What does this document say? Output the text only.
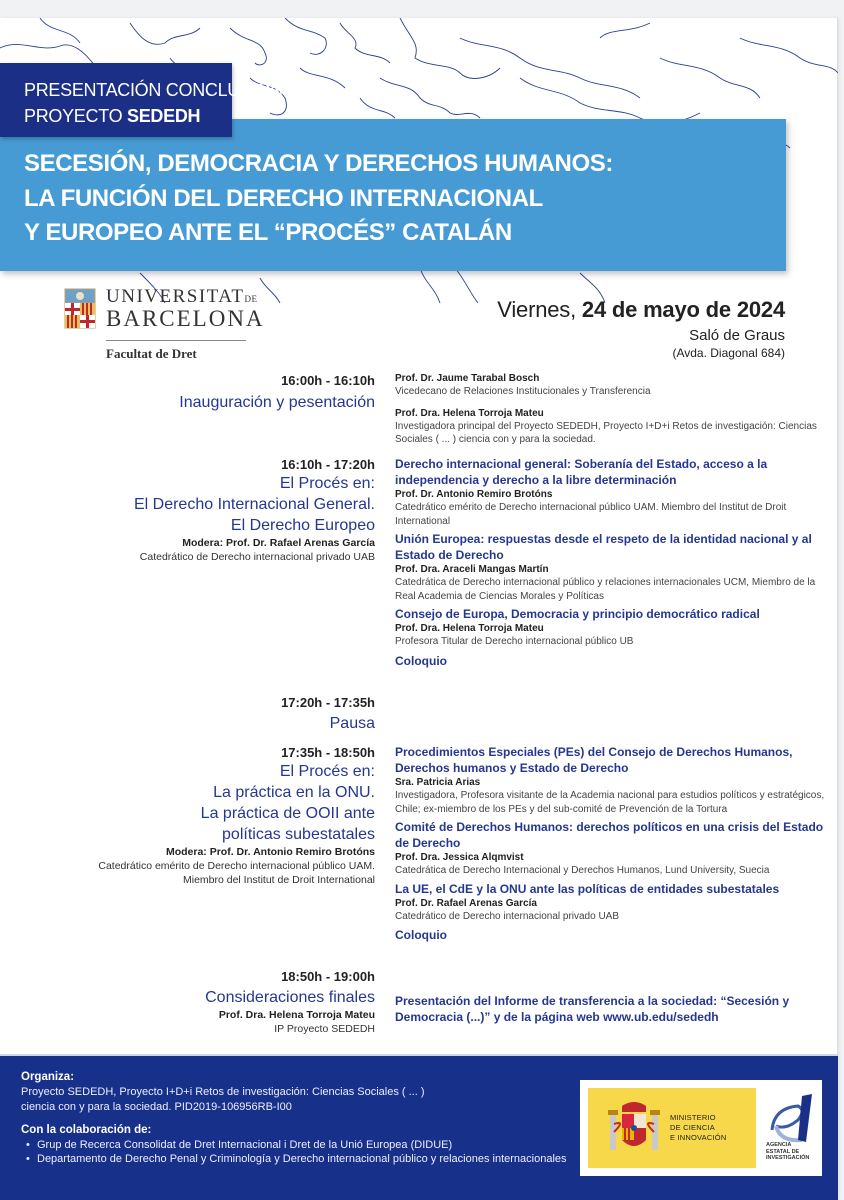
PRESENTACIÓN CONCLUSIONES
PROYECTO SEDEDH
SECESIÓN, DEMOCRACIA Y DERECHOS HUMANOS:
LA FUNCIÓN DEL DERECHO INTERNACIONAL
Y EUROPEO ANTE EL “PROCÉS” CATALÁN
UNIVERSITATDE
BARCELONA
Facultat de Dret
Viernes, 24 de mayo de 2024
Saló de Graus
(Avda. Diagonal 684)
16:00h - 16:10h
Inauguración y pesentación
Prof. Dr. Jaume Tarabal Bosch
Vicedecano de Relaciones Institucionales y Transferencia
Prof. Dra. Helena Torroja Mateu
Investigadora principal del Proyecto SEDEDH, Proyecto I+D+i Retos de investigación: Ciencias Sociales ( ... ) ciencia con y para la sociedad.
16:10h - 17:20h
El Procés en:
El Derecho Internacional General.
El Derecho Europeo
Modera: Prof. Dr. Rafael Arenas García
Catedrático de Derecho internacional privado UAB
Derecho internacional general: Soberanía del Estado, acceso a la independencia y derecho a la libre determinación
Prof. Dr. Antonio Remiro Brotóns
Catedrático emérito de Derecho internacional público UAM. Miembro del Institut de Droit International
Unión Europea: respuestas desde el respeto de la identidad nacional y al Estado de Derecho
Prof. Dra. Araceli Mangas Martín
Catedrática de Derecho internacional público y relaciones internacionales UCM, Miembro de la Real Academia de Ciencias Morales y Políticas
Consejo de Europa, Democracia y principio democrático radical
Prof. Dra. Helena Torroja Mateu
Profesora Titular de Derecho internacional público UB
Coloquio
17:20h - 17:35h
Pausa
17:35h - 18:50h
El Procés en:
La práctica en la ONU.
La práctica de OOII ante
políticas subestatales
Modera: Prof. Dr. Antonio Remiro Brotóns
Catedrático emérito de Derecho internacional público UAM.
Miembro del Institut de Droit International
Procedimientos Especiales (PEs) del Consejo de Derechos Humanos, Derechos humanos y Estado de Derecho
Sra. Patricia Arias
Investigadora, Profesora visitante de la Academia nacional para estudios políticos y estratégicos, Chile; ex-miembro de los PEs y del sub-comité de Prevención de la Tortura
Comité de Derechos Humanos: derechos políticos en una crisis del Estado de Derecho
Prof. Dra. Jessica Alqmvist
Catedrática de Derecho Internacional y Derechos Humanos, Lund University, Suecia
La UE, el CdE y la ONU ante las políticas de entidades subestatales
Prof. Dr. Rafael Arenas García
Catedrático de Derecho internacional privado UAB
Coloquio
18:50h - 19:00h
Consideraciones finales
Prof. Dra. Helena Torroja Mateu
IP Proyecto SEDEDH
Presentación del Informe de transferencia a la sociedad: “Secesión y Democracia (...)” y de la página web www.ub.edu/sededh
Organiza:
Proyecto SEDEDH, Proyecto I+D+i Retos de investigación: Ciencias Sociales ( ... )
ciencia con y para la sociedad. PID2019-106956RB-I00
Con la colaboración de:
• Grup de Recerca Consolidat de Dret Internacional i Dret de la Unió Europea (DIDUE)
• Departamento de Derecho Penal y Criminología y Derecho internacional público y relaciones internacionales
MINISTERIO
DE CIENCIA
E INNOVACIÓN
AGENCIA
ESTATAL DE
INVESTIGACIÓN
